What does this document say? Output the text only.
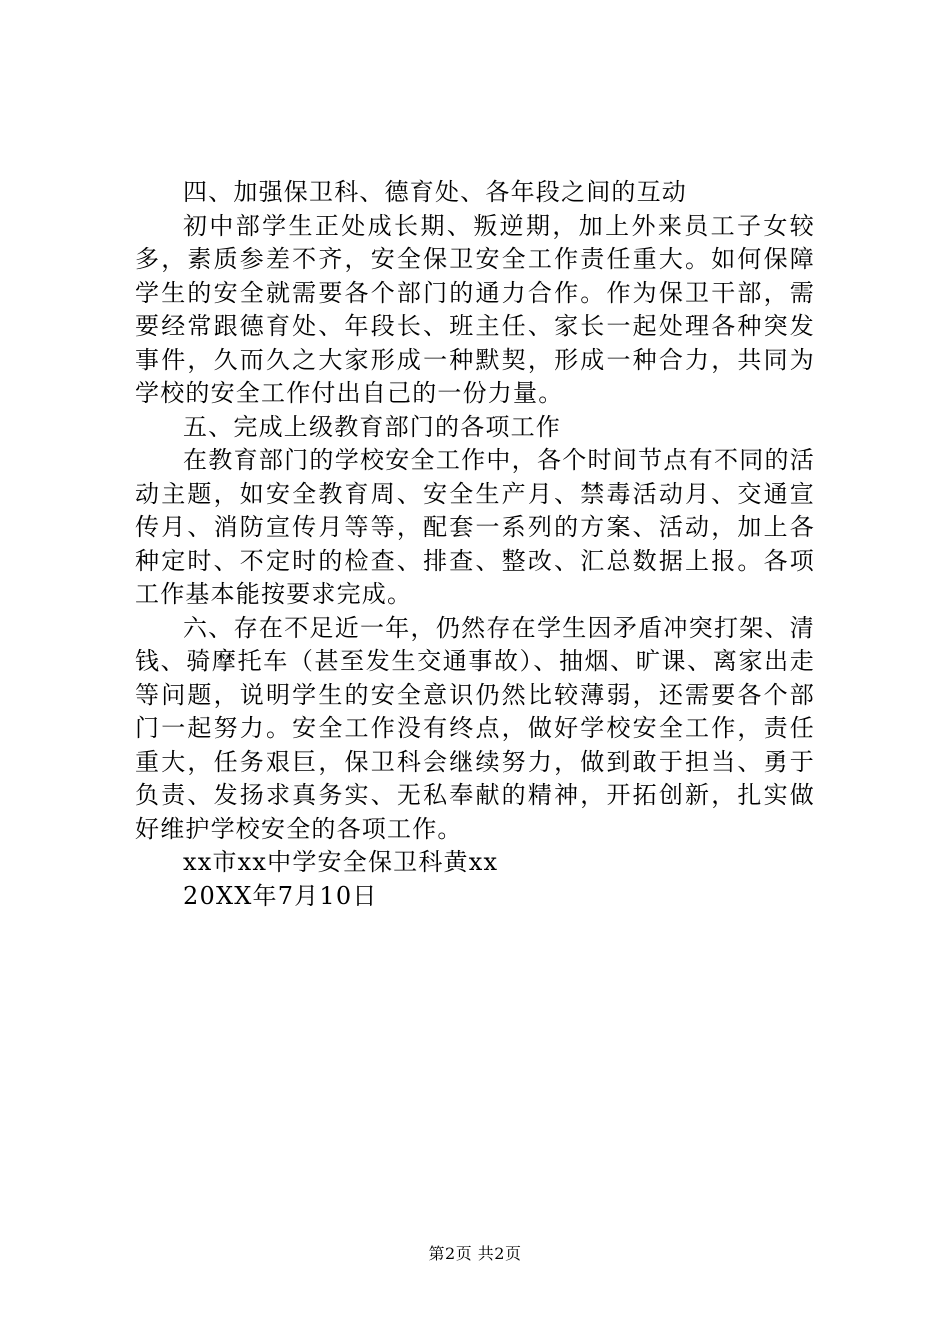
四、加强保卫科、德育处、各年段之间的互动

初中部学生正处成长期、叛逆期，加上外来员工子女较多，素质参差不齐，安全保卫安全工作责任重大。如何保障学生的安全就需要各个部门的通力合作。作为保卫干部，需要经常跟德育处、年段长、班主任、家长一起处理各种突发事件，久而久之大家形成一种默契，形成一种合力，共同为学校的安全工作付出自己的一份力量。

五、完成上级教育部门的各项工作

在教育部门的学校安全工作中，各个时间节点有不同的活动主题，如安全教育周、安全生产月、禁毒活动月、交通宣传月、消防宣传月等等，配套一系列的方案、活动，加上各种定时、不定时的检查、排查、整改、汇总数据上报。各项工作基本能按要求完成。

六、存在不足近一年，仍然存在学生因矛盾冲突打架、清钱、骑摩托车（甚至发生交通事故）、抽烟、旷课、离家出走等问题，说明学生的安全意识仍然比较薄弱，还需要各个部门一起努力。安全工作没有终点，做好学校安全工作，责任重大，任务艰巨，保卫科会继续努力，做到敢于担当、勇于负责、发扬求真务实、无私奉献的精神，开拓创新，扎实做好维护学校安全的各项工作。

xx市xx中学安全保卫科黄xx

20XX年7月10日

第2页 共2页
